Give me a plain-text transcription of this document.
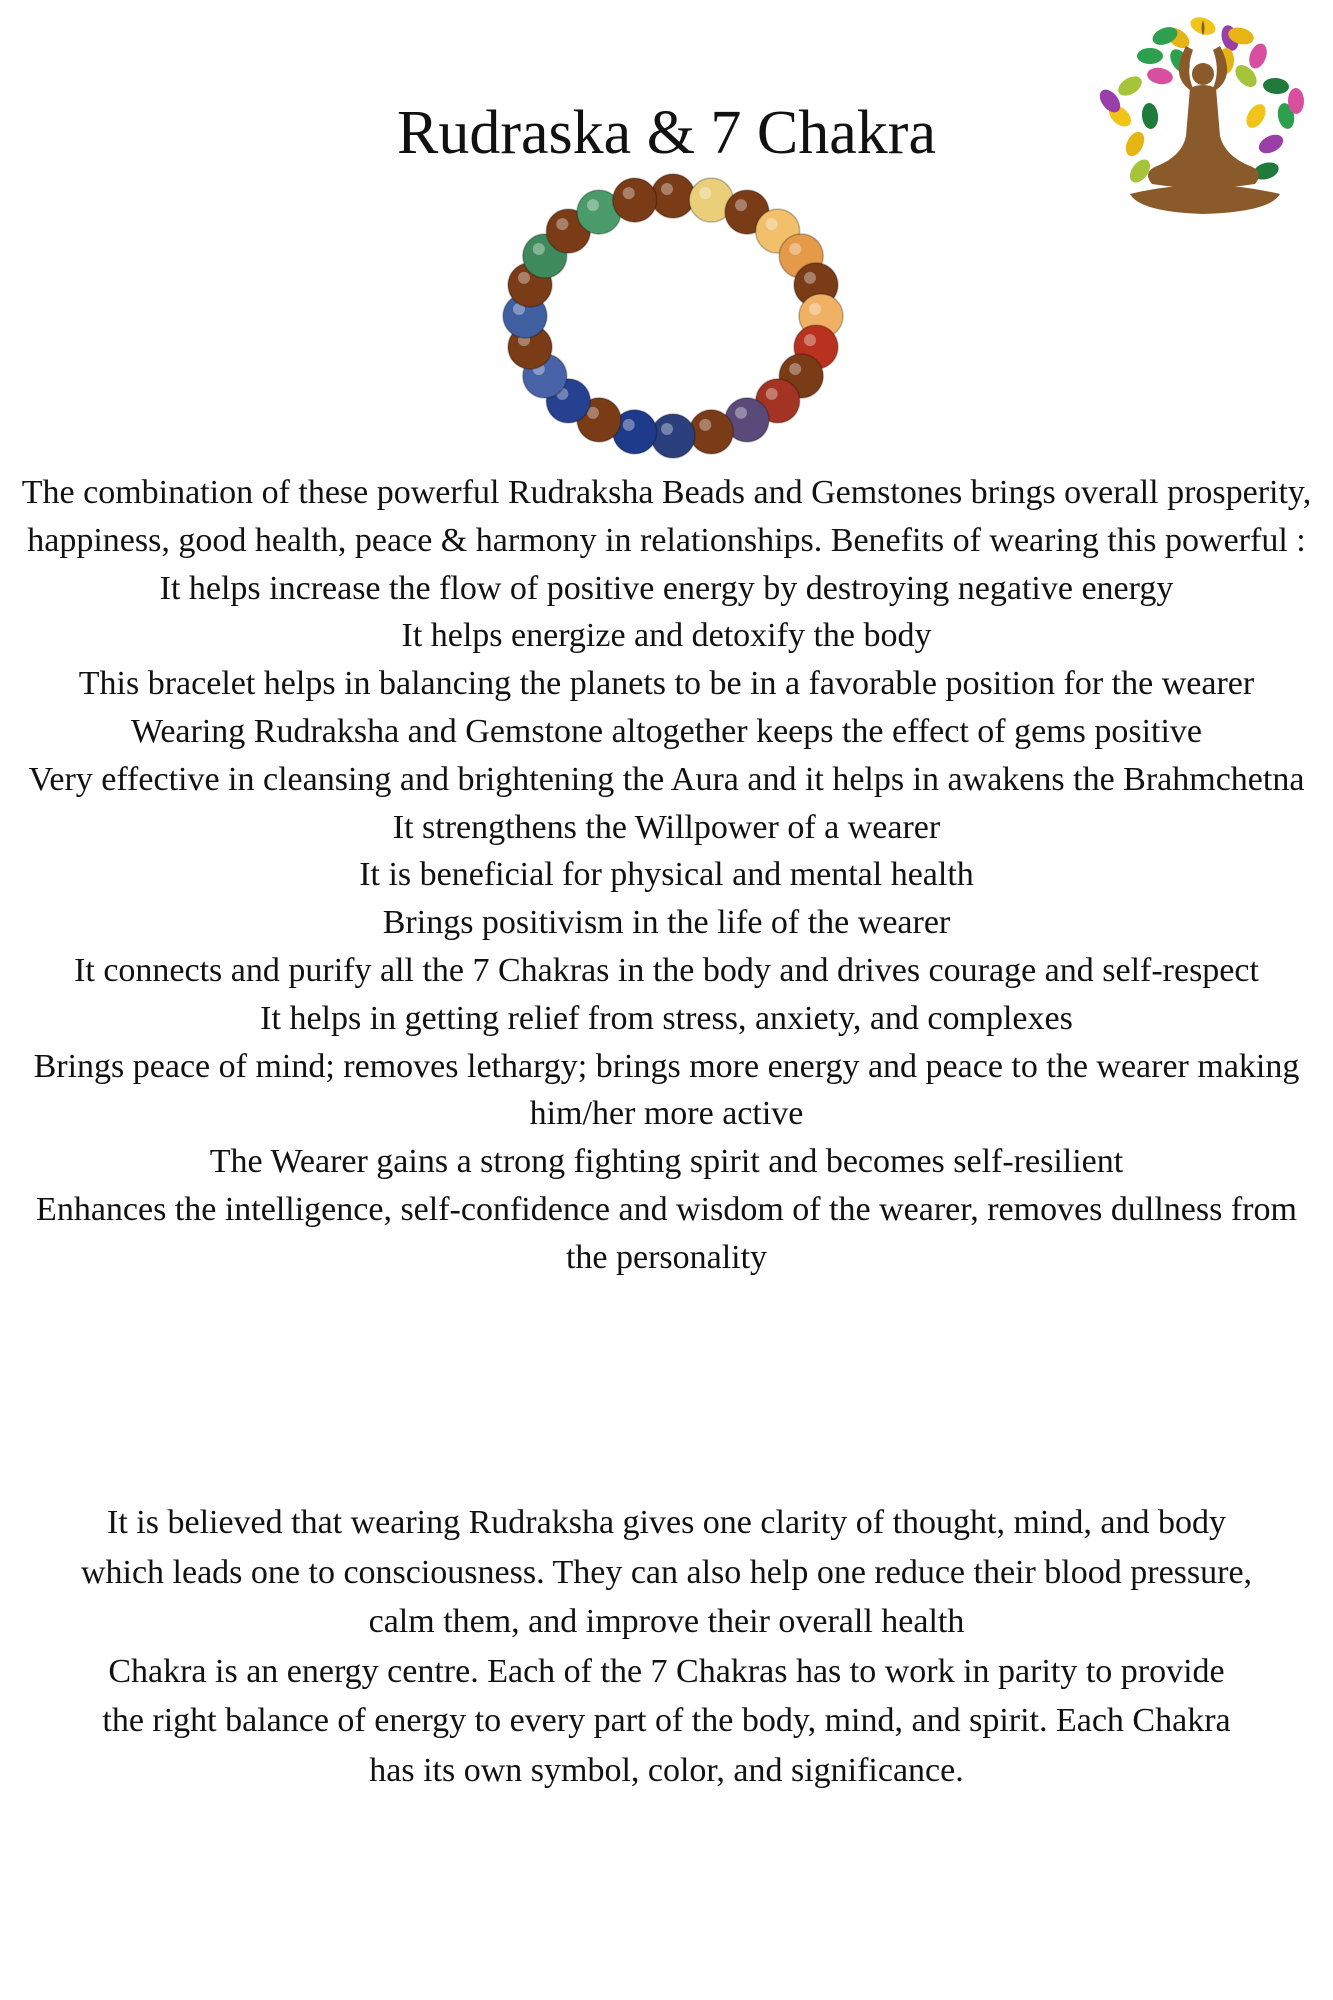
Rudraska & 7 Chakra
The combination of these powerful Rudraksha Beads and Gemstones brings overall prosperity, happiness, good health, peace & harmony in relationships. Benefits of wearing this powerful :
It helps increase the flow of positive energy by destroying negative energy
It helps energize and detoxify the body
This bracelet helps in balancing the planets to be in a favorable position for the wearer
Wearing Rudraksha and Gemstone altogether keeps the effect of gems positive
Very effective in cleansing and brightening the Aura and it helps in awakens the Brahmchetna
It strengthens the Willpower of a wearer
It is beneficial for physical and mental health
Brings positivism in the life of the wearer
It connects and purify all the 7 Chakras in the body and drives courage and self-respect
It helps in getting relief from stress, anxiety, and complexes
Brings peace of mind; removes lethargy; brings more energy and peace to the wearer making him/her more active
The Wearer gains a strong fighting spirit and becomes self-resilient
Enhances the intelligence, self-confidence and wisdom of the wearer, removes dullness from the personality
It is believed that wearing Rudraksha gives one clarity of thought, mind, and body which leads one to consciousness. They can also help one reduce their blood pressure, calm them, and improve their overall health
Chakra is an energy centre. Each of the 7 Chakras has to work in parity to provide the right balance of energy to every part of the body, mind, and spirit. Each Chakra has its own symbol, color, and significance.
